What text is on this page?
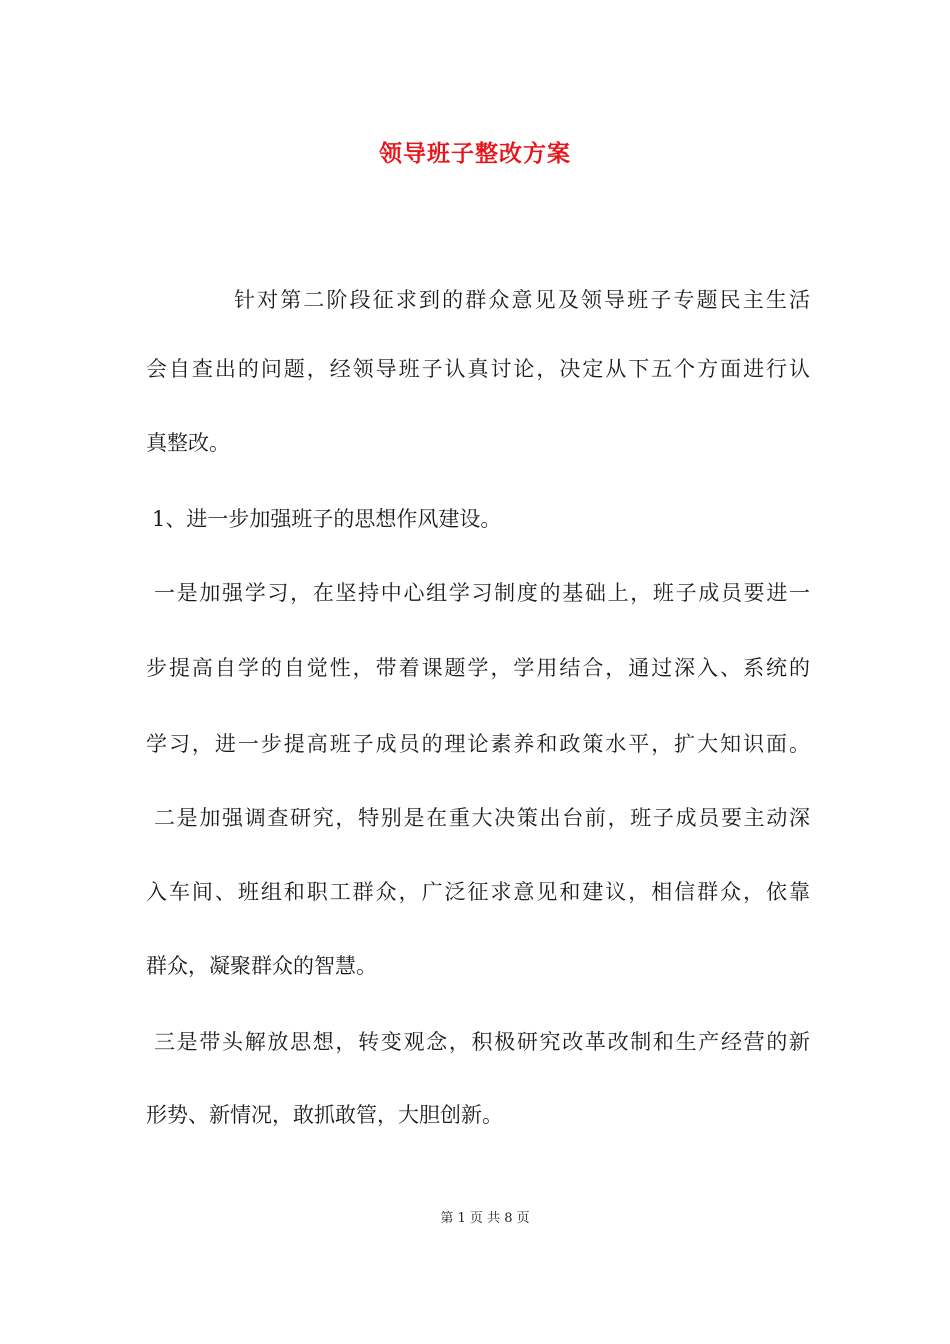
领导班子整改方案
针对第二阶段征求到的群众意见及领导班子专题民主生活
会自查出的问题，经领导班子认真讨论，决定从下五个方面进行认
真整改。
1、进一步加强班子的思想作风建设。
一是加强学习，在坚持中心组学习制度的基础上，班子成员要进一
步提高自学的自觉性，带着课题学，学用结合，通过深入、系统的
学习，进一步提高班子成员的理论素养和政策水平，扩大知识面。
二是加强调查研究，特别是在重大决策出台前，班子成员要主动深
入车间、班组和职工群众，广泛征求意见和建议，相信群众，依靠
群众，凝聚群众的智慧。
三是带头解放思想，转变观念，积极研究改革改制和生产经营的新
形势、新情况，敢抓敢管，大胆创新。
第 1 页 共 8 页
